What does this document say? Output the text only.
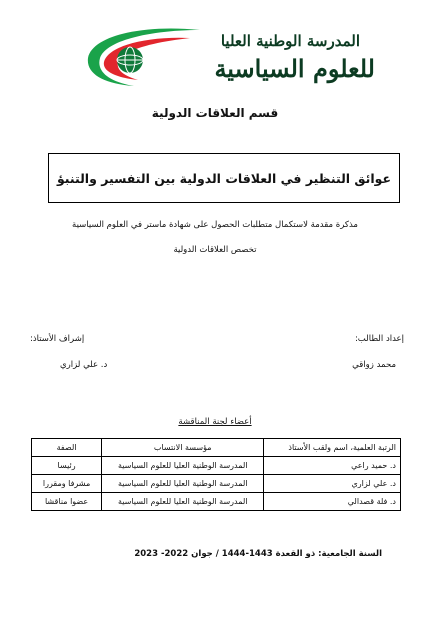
المدرسة الوطنية العليا
للعلوم السياسية
قسم العلاقات الدولية
عوائق التنظير في العلاقات الدولية بين التفسير والتنبؤ
مذكرة مقدمة لاستكمال متطلبات الحصول على شهادة ماستر في العلوم السياسية
تخصص العلاقات الدولية
إعداد الطالب:
محمد زواقي
إشراف الأستاذ:
د. علي لزاري
أعضاء لجنة المناقشة
الرتبة العلمية، اسم ولقب الأستاذ	مؤسسة الانتساب	الصفة
د. حميد راعي	المدرسة الوطنية العليا للعلوم السياسية	رئيسا
د. علي لزاري	المدرسة الوطنية العليا للعلوم السياسية	مشرفا ومقررا
د. فلة قصدالي	المدرسة الوطنية العليا للعلوم السياسية	عضوا مناقشا
السنة الجامعية: ذو القعدة 1443-1444 / جوان 2022- 2023
